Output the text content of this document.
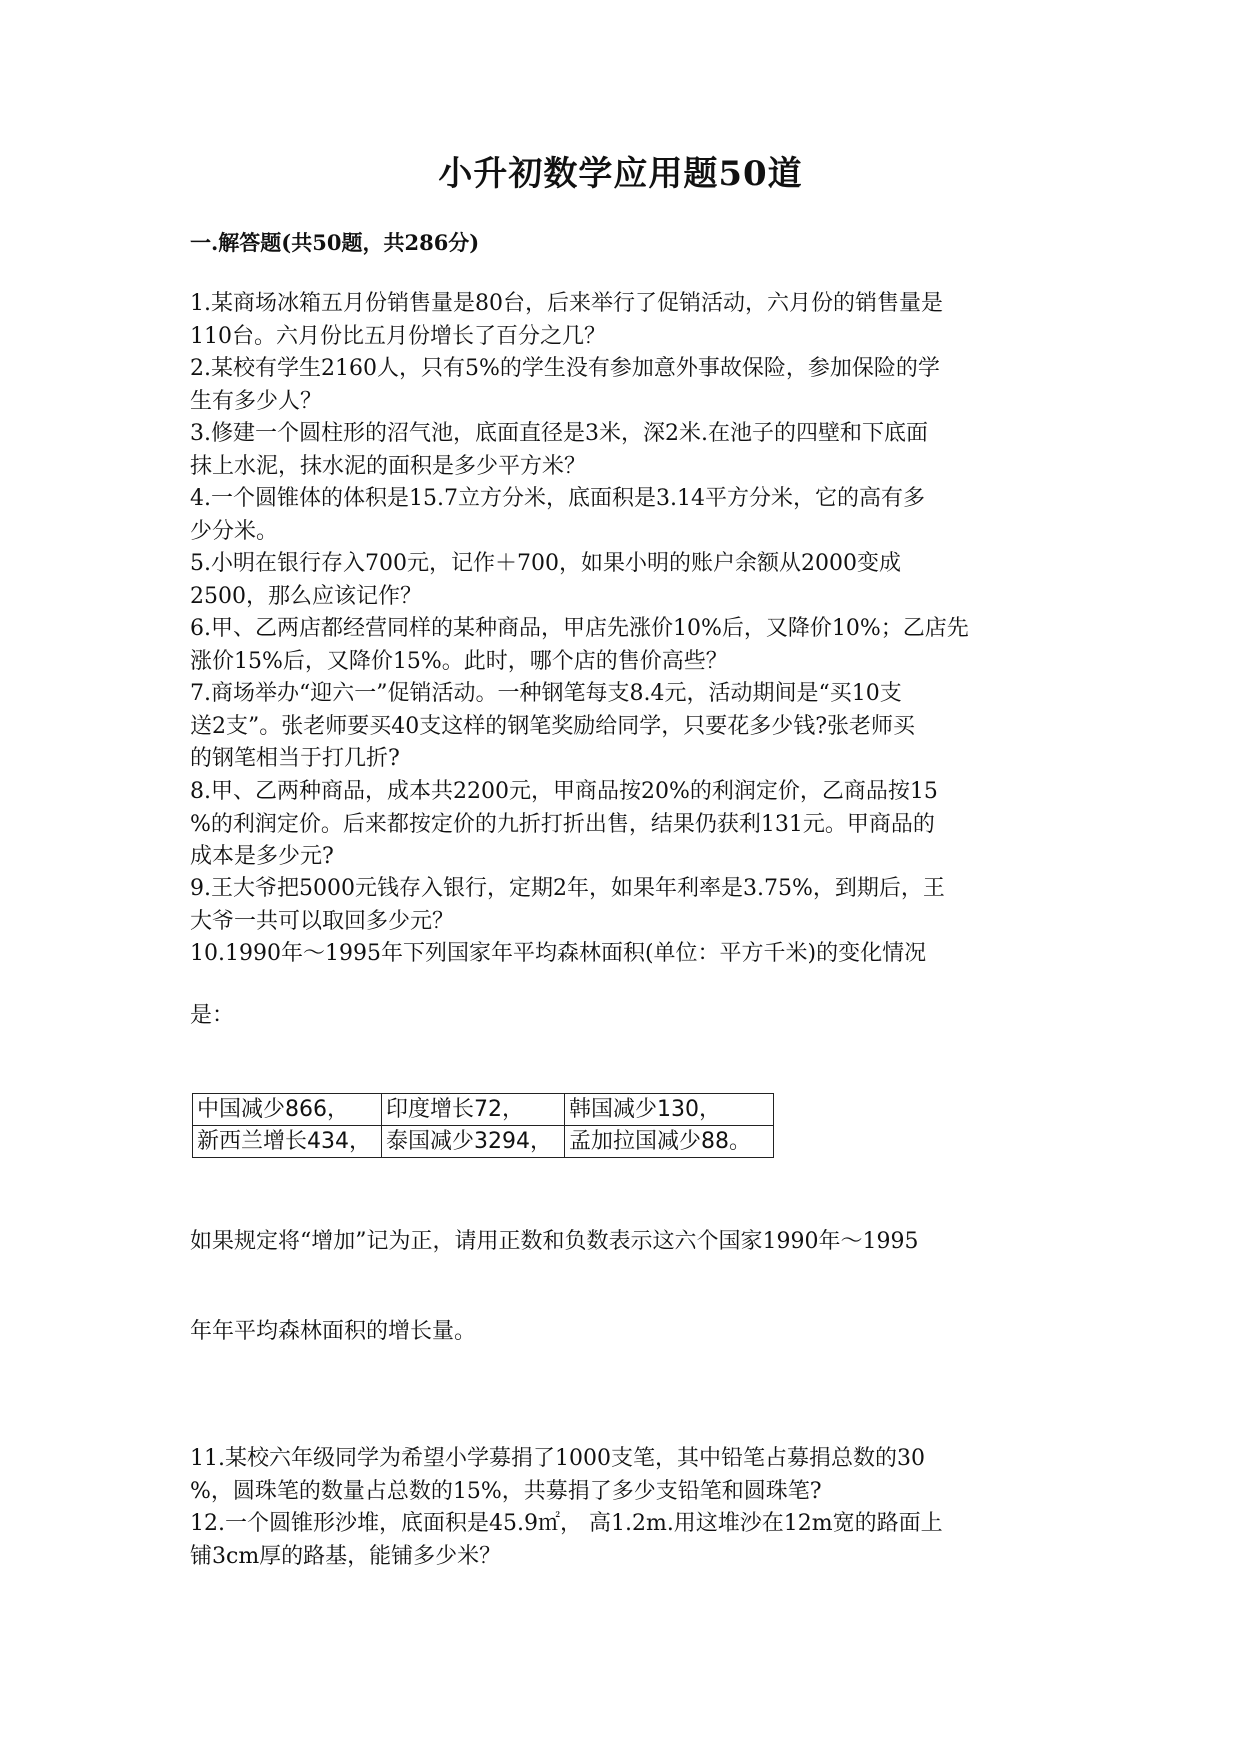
小升初数学应用题50道
一.解答题(共50题，共286分)
1.某商场冰箱五月份销售量是80台，后来举行了促销活动，六月份的销售量是
110台。六月份比五月份增长了百分之几？
2.某校有学生2160人，只有5%的学生没有参加意外事故保险，参加保险的学
生有多少人？
3.修建一个圆柱形的沼气池，底面直径是3米，深2米.在池子的四壁和下底面
抹上水泥，抹水泥的面积是多少平方米？
4.一个圆锥体的体积是15.7立方分米，底面积是3.14平方分米，它的高有多
少分米。
5.小明在银行存入700元，记作＋700，如果小明的账户余额从2000变成
2500，那么应该记作？
6.甲、乙两店都经营同样的某种商品，甲店先涨价10%后，又降价10%；乙店先
涨价15%后，又降价15%。此时，哪个店的售价高些？
7.商场举办“迎六一”促销活动。一种钢笔每支8.4元，活动期间是“买10支
送2支”。张老师要买40支这样的钢笔奖励给同学，只要花多少钱?张老师买
的钢笔相当于打几折?
8.甲、乙两种商品，成本共2200元，甲商品按20%的利润定价，乙商品按15
%的利润定价。后来都按定价的九折打折出售，结果仍获利131元。甲商品的
成本是多少元?
9.王大爷把5000元钱存入银行，定期2年，如果年利率是3.75%，到期后，王
大爷一共可以取回多少元？
10.1990年～1995年下列国家年平均森林面积(单位：平方千米)的变化情况
是：
中国减少866，	印度增长72，	韩国减少130，
新西兰增长434，	泰国减少3294，	孟加拉国减少88。
如果规定将“增加”记为正，请用正数和负数表示这六个国家1990年～1995
年年平均森林面积的增长量。
11.某校六年级同学为希望小学募捐了1000支笔，其中铅笔占募捐总数的30
%，圆珠笔的数量占总数的15%，共募捐了多少支铅笔和圆珠笔?
12.一个圆锥形沙堆，底面积是45.9㎡， 高1.2m.用这堆沙在12m宽的路面上
铺3cm厚的路基，能铺多少米？
